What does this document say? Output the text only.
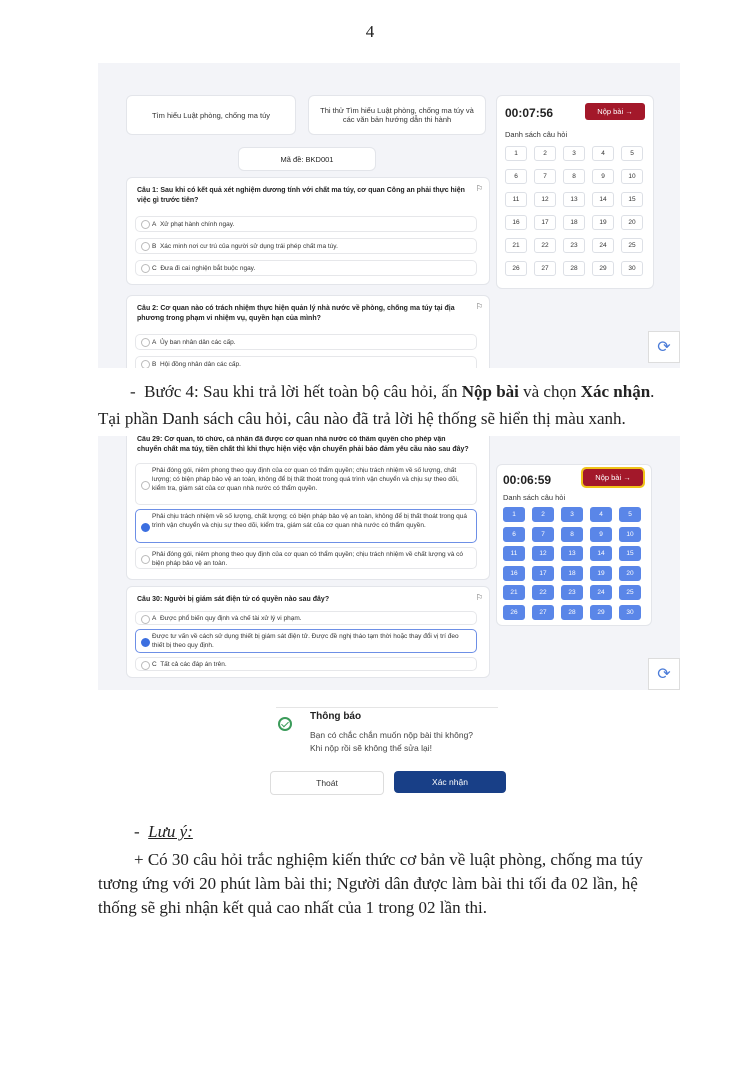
4
Tìm hiểu Luật phòng, chống ma túy	Thi thử Tìm hiểu Luật phòng, chống ma túy và các văn bản hướng dẫn thi hành
Mã đề: BKD001
Câu 1: Sau khi có kết quả xét nghiệm dương tính với chất ma túy, cơ quan Công an phải thực hiện việc gì trước tiên?
⚐
A Xử phạt hành chính ngay.
B Xác minh nơi cư trú của người sử dụng trái phép chất ma túy.
C Đưa đi cai nghiện bắt buộc ngay.
Câu 2: Cơ quan nào có trách nhiệm thực hiện quản lý nhà nước về phòng, chống ma túy tại địa phương trong phạm vi nhiệm vụ, quyền hạn của mình?
⚐
A Ủy ban nhân dân các cấp.
B Hội đồng nhân dân các cấp.
00:07:56	Nộp bài →
Danh sách câu hỏi
1	2	3	4	5
6	7	8	9	10
11	12	13	14	15
16	17	18	19	20
21	22	23	24	25
26	27	28	29	30
⟳
- Bước 4: Sau khi trả lời hết toàn bộ câu hỏi, ấn Nộp bài và chọn Xác nhận.
Tại phần Danh sách câu hỏi, câu nào đã trả lời hệ thống sẽ hiển thị màu xanh.
Câu 29: Cơ quan, tổ chức, cá nhân đã được cơ quan nhà nước có thẩm quyền cho phép vận chuyển chất ma túy, tiền chất thì khi thực hiện việc vận chuyển phải bảo đảm yêu cầu nào sau đây?
Phải đóng gói, niêm phong theo quy định của cơ quan có thẩm quyền; chịu trách nhiệm về số lượng, chất lượng; có biện pháp bảo vệ an toàn, không để bị thất thoát trong quá trình vận chuyển và chịu sự theo dõi, kiểm tra, giám sát của cơ quan nhà nước có thẩm quyền.
Phải chịu trách nhiệm về số lượng, chất lượng; có biện pháp bảo vệ an toàn, không để bị thất thoát trong quá trình vận chuyển và chịu sự theo dõi, kiểm tra, giám sát của cơ quan nhà nước có thẩm quyền.
Phải đóng gói, niêm phong theo quy định của cơ quan có thẩm quyền; chịu trách nhiệm về chất lượng và có biện pháp bảo vệ an toàn.
Câu 30: Người bị giám sát điện tử có quyền nào sau đây?	⚐
A Được phổ biến quy định và chế tài xử lý vi phạm.
Được tư vấn về cách sử dụng thiết bị giám sát điện tử. Được đề nghị tháo tạm thời hoặc thay đổi vị trí đeo thiết bị theo quy định.
C Tất cả các đáp án trên.
00:06:59	Nộp bài →
Danh sách câu hỏi
1	2	3	4	5
6	7	8	9	10
11	12	13	14	15
16	17	18	19	20
21	22	23	24	25
26	27	28	29	30
⟳
Thông báo
Bạn có chắc chắn muốn nộp bài thi không?
Khi nộp rồi sẽ không thể sửa lại!
Thoát	Xác nhận
- Lưu ý:
+ Có 30 câu hỏi trắc nghiệm kiến thức cơ bản về luật phòng, chống ma túy
tương ứng với 20 phút làm bài thi; Người dân được làm bài thi tối đa 02 lần, hệ
thống sẽ ghi nhận kết quả cao nhất của 1 trong 02 lần thi.
